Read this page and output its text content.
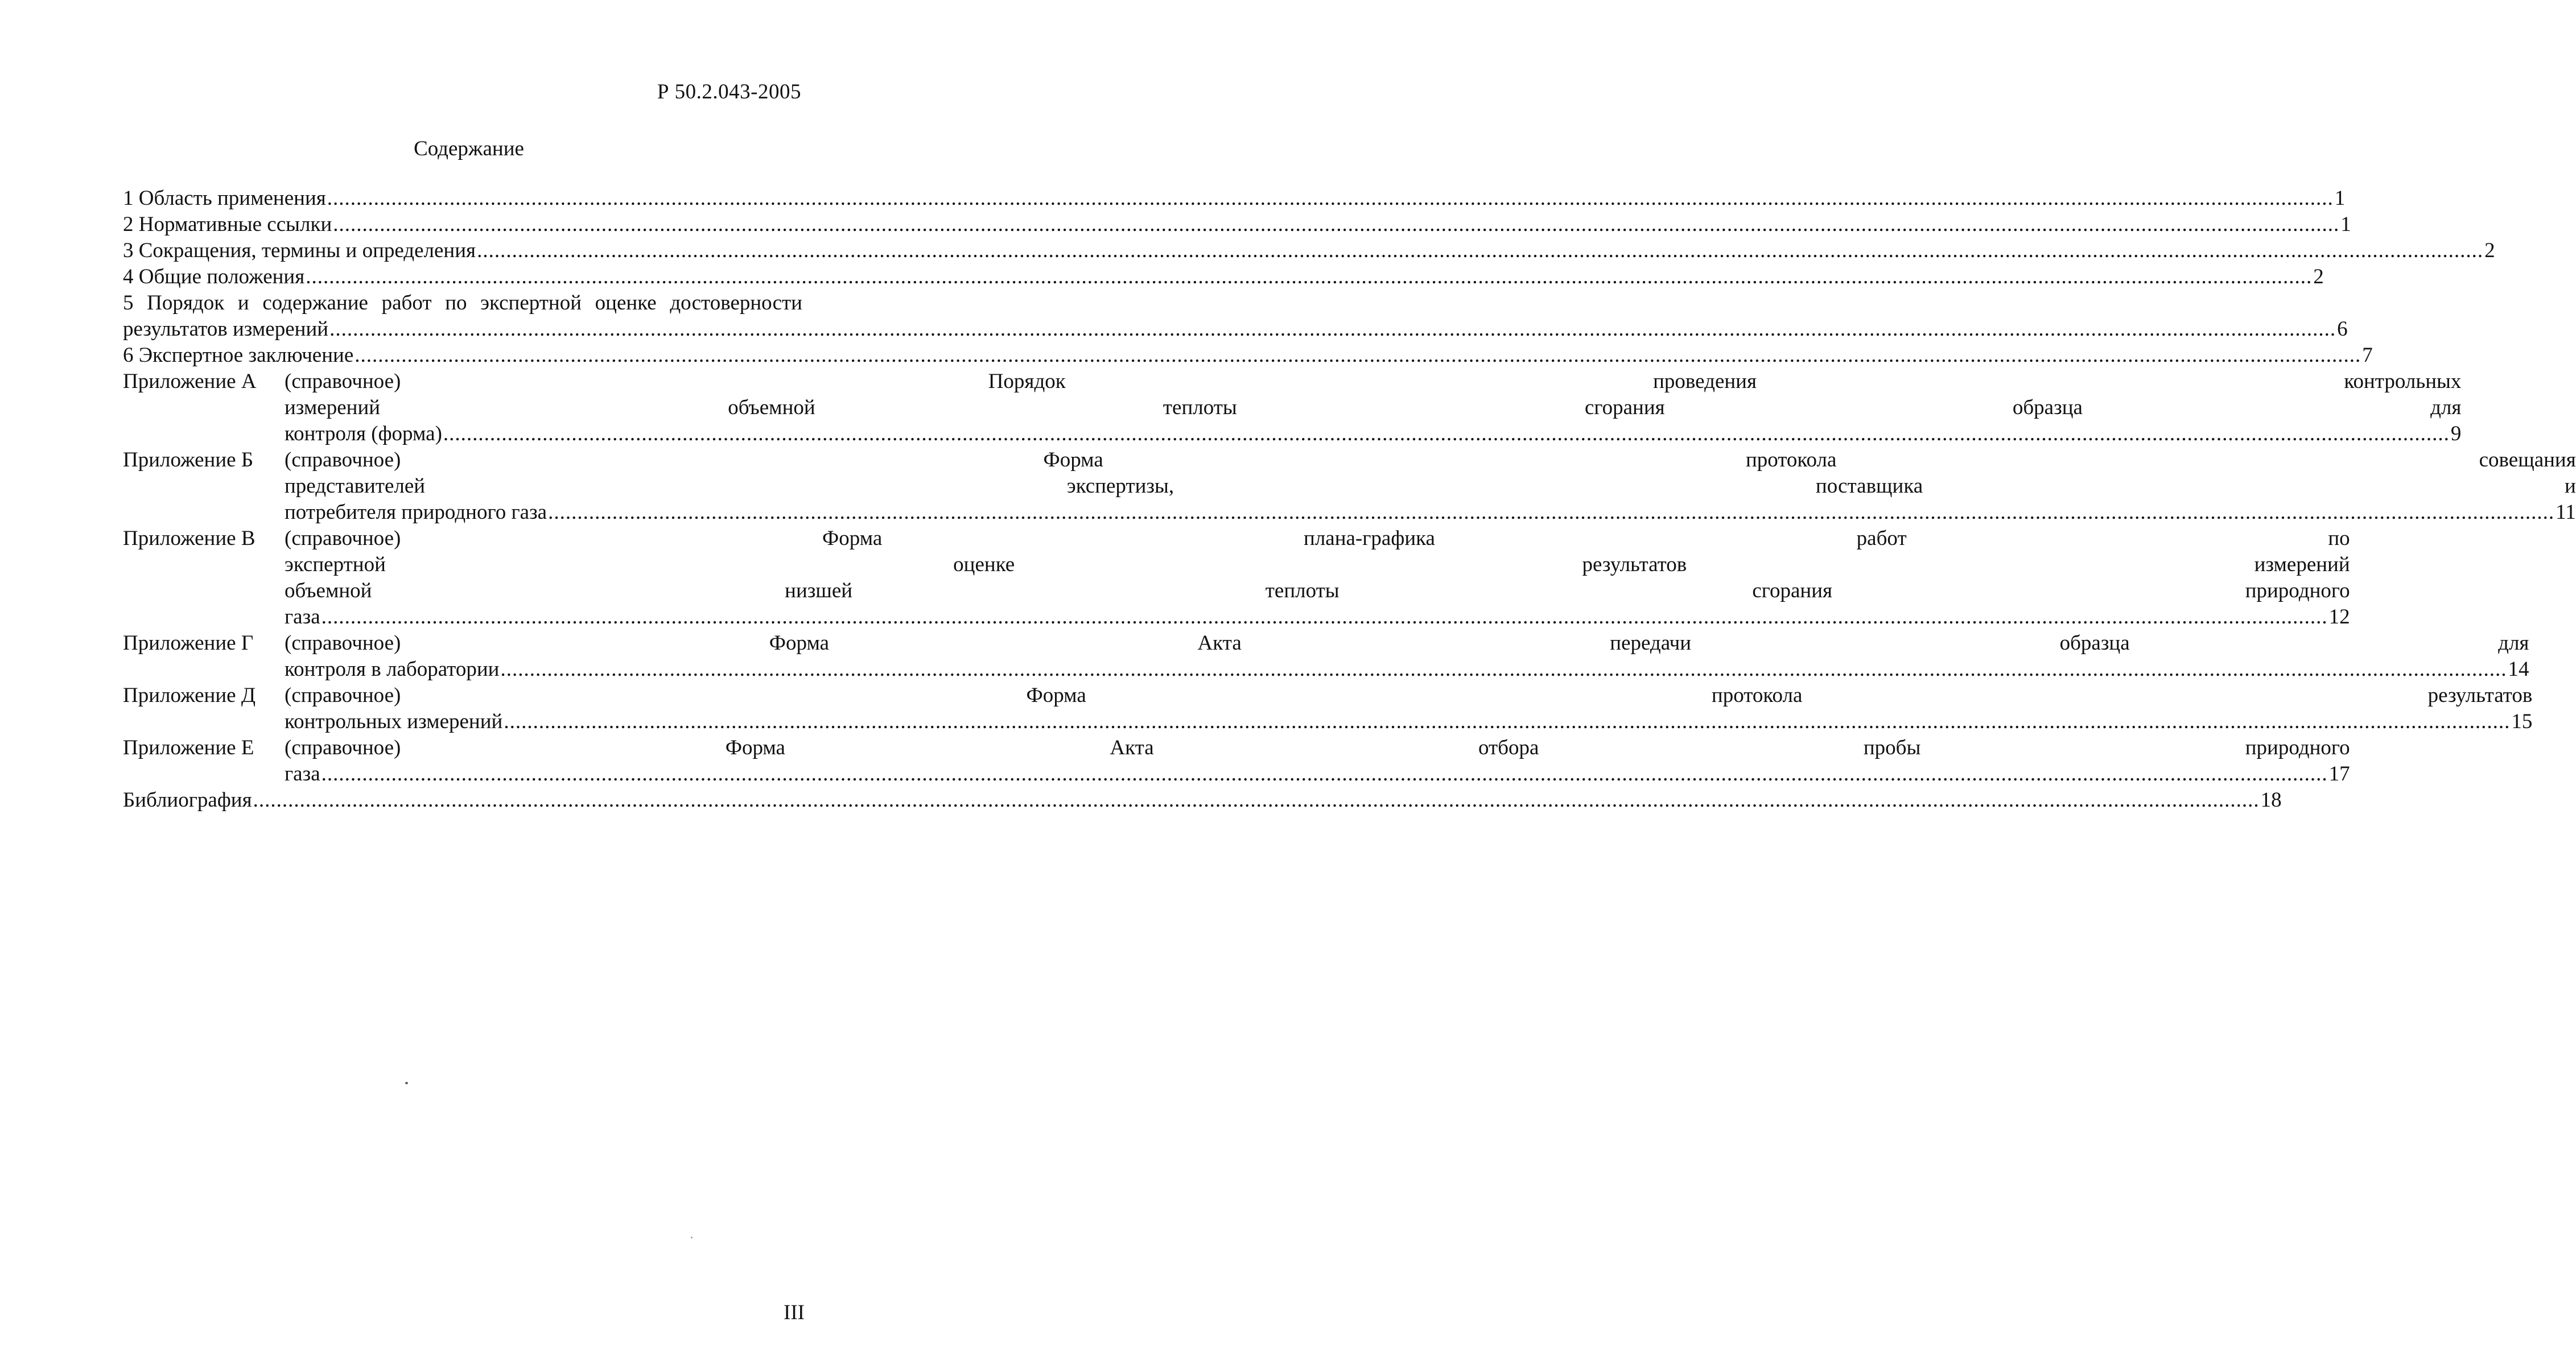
Р 50.2.043-2005
Содержание
1 Область применения .....	1
2 Нормативные ссылки .....	1
3 Сокращения, термины и определения .....	2
4 Общие положения .....	2
5 Порядок и содержание работ по экспертной оценке достоверности
результатов измерений .....	6
6 Экспертное заключение .....	7
Приложение А	(справочное) Порядок проведения контрольных
измерений объемной теплоты сгорания образца для
контроля (форма) .....	9
Приложение Б	(справочное) Форма протокола совещания
представителей экспертизы, поставщика и
потребителя природного газа .....	11
Приложение В	(справочное) Форма плана-графика работ по
экспертной оценке результатов измерений
объемной низшей теплоты сгорания природного
газа .....	12
Приложение Г	(справочное) Форма Акта передачи образца для
контроля в лаборатории .....	14
Приложение Д	(справочное) Форма протокола результатов
контрольных измерений .....	15
Приложение Е	(справочное) Форма Акта отбора пробы природного
газа .....	17
Библиография .....	18
III
